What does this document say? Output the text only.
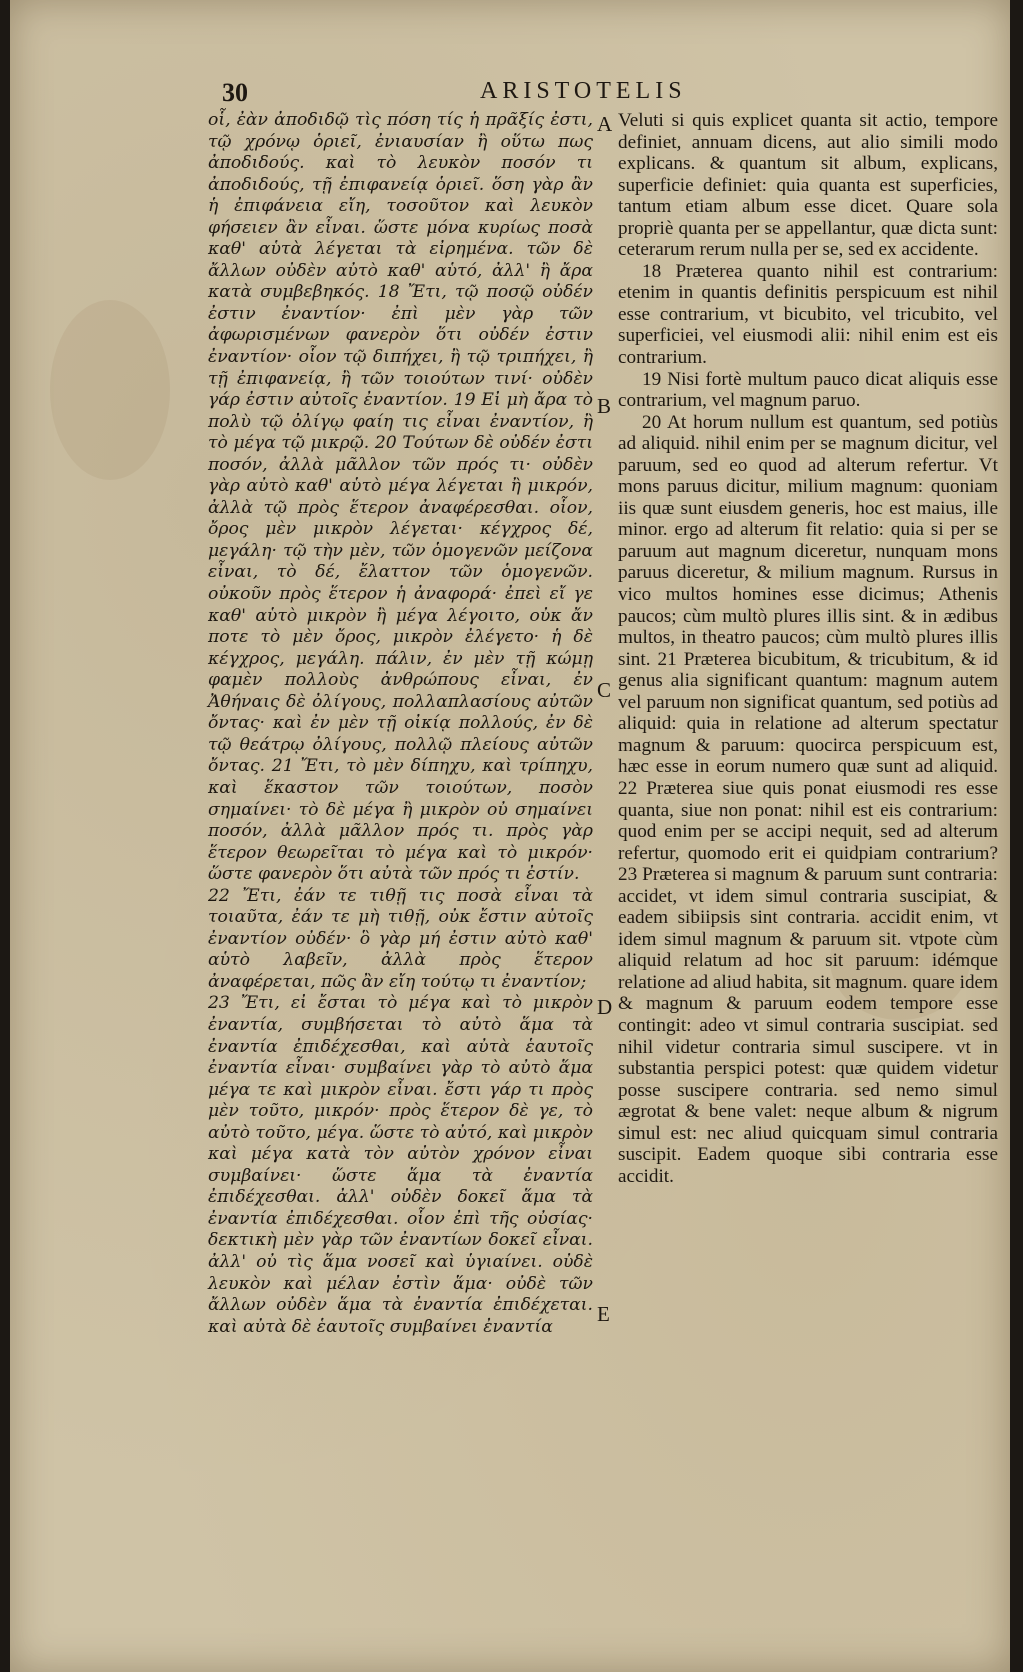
30	ARISTOTELIS

οἷ, ἐὰν ἀποδιδῷ τὶς πόση τίς ἡ πρᾶξίς ἐστι, τῷ χρόνῳ ὁριεῖ, ἐνιαυσίαν ἢ οὕτω πως ἀποδιδούς. καὶ τὸ λευκὸν ποσόν τι ἀποδιδούς, τῇ ἐπιφανείᾳ ὁριεῖ. ὅση γὰρ ἂν ἡ ἐπιφάνεια εἴη, τοσοῦτον καὶ λευκὸν φήσειεν ἂν εἶναι. ὥστε μόνα κυρίως ποσὰ καθ' αὑτὰ λέγεται τὰ εἰρημένα. τῶν δὲ ἄλλων οὐδὲν αὐτὸ καθ' αὑτό, ἀλλ' ἢ ἄρα κατὰ συμβεβηκός. 18 Ἔτι, τῷ ποσῷ οὐδέν ἐστιν ἐναντίον· ἐπὶ μὲν γὰρ τῶν ἀφωρισμένων φανερὸν ὅτι οὐδέν ἐστιν ἐναντίον· οἷον τῷ διπήχει, ἢ τῷ τριπήχει, ἢ τῇ ἐπιφανείᾳ, ἢ τῶν τοιούτων τινί· οὐδὲν γάρ ἐστιν αὐτοῖς ἐναντίον. 19 Εἰ μὴ ἄρα τὸ πολὺ τῷ ὀλίγῳ φαίη τις εἶναι ἐναντίον, ἢ τὸ μέγα τῷ μικρῷ. 20 Τούτων δὲ οὐδέν ἐστι ποσόν, ἀλλὰ μᾶλλον τῶν πρός τι· οὐδὲν γὰρ αὐτὸ καθ' αὑτὸ μέγα λέγεται ἢ μικρόν, ἀλλὰ τῷ πρὸς ἕτερον ἀναφέρεσθαι. οἷον, ὄρος μὲν μικρὸν λέγεται· κέγχρος δέ, μεγάλη· τῷ τὴν μὲν, τῶν ὁμογενῶν μείζονα εἶναι, τὸ δέ, ἔλαττον τῶν ὁμογενῶν. οὐκοῦν πρὸς ἕτερον ἡ ἀναφορά· ἐπεὶ εἴ γε καθ' αὑτὸ μικρὸν ἢ μέγα λέγοιτο, οὐκ ἄν ποτε τὸ μὲν ὄρος, μικρὸν ἐλέγετο· ἡ δὲ κέγχρος, μεγάλη. πάλιν, ἐν μὲν τῇ κώμῃ φαμὲν πολλοὺς ἀνθρώπους εἶναι, ἐν Ἀθήναις δὲ ὀλίγους, πολλαπλασίους αὐτῶν ὄντας· καὶ ἐν μὲν τῇ οἰκίᾳ πολλούς, ἐν δὲ τῷ θεάτρῳ ὀλίγους, πολλῷ πλείους αὐτῶν ὄντας. 21 Ἔτι, τὸ μὲν δίπηχυ, καὶ τρίπηχυ, καὶ ἕκαστον τῶν τοιούτων, ποσὸν σημαίνει· τὸ δὲ μέγα ἢ μικρὸν οὐ σημαίνει ποσόν, ἀλλὰ μᾶλλον πρός τι. πρὸς γὰρ ἕτερον θεωρεῖται τὸ μέγα καὶ τὸ μικρόν· ὥστε φανερὸν ὅτι αὐτὰ τῶν πρός τι ἐστίν.

22 Ἔτι, ἐάν τε τιθῇ τις ποσὰ εἶναι τὰ τοιαῦτα, ἐάν τε μὴ τιθῇ, οὐκ ἔστιν αὐτοῖς ἐναντίον οὐδέν· ὃ γὰρ μή ἐστιν αὐτὸ καθ' αὑτὸ λαβεῖν, ἀλλὰ πρὸς ἕτερον ἀναφέρεται, πῶς ἂν εἴη τούτῳ τι ἐναντίον;

23 Ἔτι, εἰ ἔσται τὸ μέγα καὶ τὸ μικρὸν ἐναντία, συμβήσεται τὸ αὐτὸ ἅμα τὰ ἐναντία ἐπιδέχεσθαι, καὶ αὐτὰ ἑαυτοῖς ἐναντία εἶναι· συμβαίνει γὰρ τὸ αὐτὸ ἅμα μέγα τε καὶ μικρὸν εἶναι. ἔστι γάρ τι πρὸς μὲν τοῦτο, μικρόν· πρὸς ἕτερον δὲ γε, τὸ αὐτὸ τοῦτο, μέγα. ὥστε τὸ αὐτό, καὶ μικρὸν καὶ μέγα κατὰ τὸν αὐτὸν χρόνον εἶναι συμβαίνει· ὥστε ἅμα τὰ ἐναντία ἐπιδέχεσθαι. ἀλλ' οὐδὲν δοκεῖ ἅμα τὰ ἐναντία ἐπιδέχεσθαι. οἷον ἐπὶ τῆς οὐσίας· δεκτικὴ μὲν γὰρ τῶν ἐναντίων δοκεῖ εἶναι. ἀλλ' οὐ τὶς ἅμα νοσεῖ καὶ ὑγιαίνει. οὐδὲ λευκὸν καὶ μέλαν ἐστὶν ἅμα· οὐδὲ τῶν ἄλλων οὐδὲν ἅμα τὰ ἐναντία ἐπιδέχεται. καὶ αὐτὰ δὲ ἑαυτοῖς συμβαίνει ἐναντία

A
B
C
D
E

Veluti si quis explicet quanta sit actio, tempore definiet, annuam dicens, aut alio simili modo explicans. & quantum sit album, explicans, superficie definiet: quia quanta est superficies, tantum etiam album esse dicet. Quare sola propriè quanta per se appellantur, quæ dicta sunt: ceterarum rerum nulla per se, sed ex accidente.

18 Præterea quanto nihil est contrarium: etenim in quantis definitis perspicuum est nihil esse contrarium, vt bicubito, vel tricubito, vel superficiei, vel eiusmodi alii: nihil enim est eis contrarium.

19 Nisi fortè multum pauco dicat aliquis esse contrarium, vel magnum paruo.

20 At horum nullum est quantum, sed potiùs ad aliquid. nihil enim per se magnum dicitur, vel paruum, sed eo quod ad alterum refertur. Vt mons paruus dicitur, milium magnum: quoniam iis quæ sunt eiusdem generis, hoc est maius, ille minor. ergo ad alterum fit relatio: quia si per se paruum aut magnum diceretur, nunquam mons paruus diceretur, & milium magnum. Rursus in vico multos homines esse dicimus; Athenis paucos; cùm multò plures illis sint. & in ædibus multos, in theatro paucos; cùm multò plures illis sint. 21 Præterea bicubitum, & tricubitum, & id genus alia significant quantum: magnum autem vel paruum non significat quantum, sed potiùs ad aliquid: quia in relatione ad alterum spectatur magnum & paruum: quocirca perspicuum est, hæc esse in eorum numero quæ sunt ad aliquid. 22 Præterea siue quis ponat eiusmodi res esse quanta, siue non ponat: nihil est eis contrarium: quod enim per se accipi nequit, sed ad alterum refertur, quomodo erit ei quidpiam contrarium? 23 Præterea si magnum & paruum sunt contraria: accidet, vt idem simul contraria suscipiat, & eadem sibiipsis sint contraria. accidit enim, vt idem simul magnum & paruum sit. vtpote cùm aliquid relatum ad hoc sit paruum: idémque relatione ad aliud habita, sit magnum. quare idem & magnum & paruum eodem tempore esse contingit: adeo vt simul contraria suscipiat. sed nihil videtur contraria simul suscipere. vt in substantia perspici potest: quæ quidem videtur posse suscipere contraria. sed nemo simul ægrotat & bene valet: neque album & nigrum simul est: nec aliud quicquam simul contraria suscipit. Eadem quoque sibi contraria esse accidit.
